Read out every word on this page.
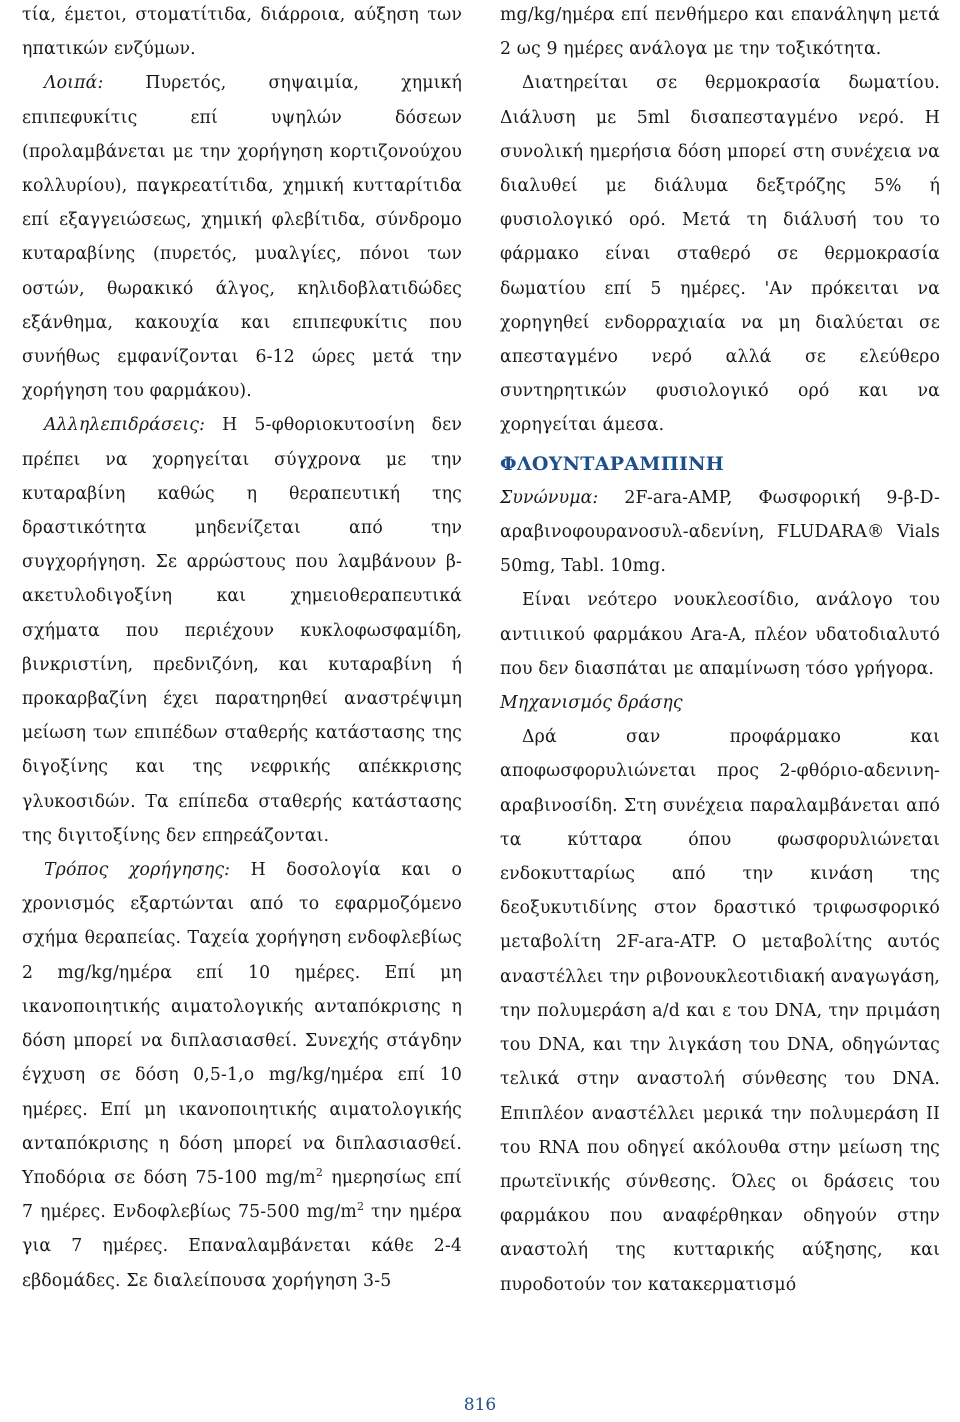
τία, έμετοι, στοματίτιδα, διάρροια, αύξηση των ηπατικών ενζύμων.

Λοιπά: Πυρετός, σηψαιμία, χημική επιπεφυκίτις επί υψηλών δόσεων (προλαμβάνεται με την χορήγηση κορτιζονούχου κολλυρίου), παγκρεατίτιδα, χημική κυτταρίτιδα επί εξαγγειώσεως, χημική φλεβίτιδα, σύνδρομο κυταραβίνης (πυρετός, μυαλγίες, πόνοι των οστών, θωρακικό άλγος, κηλιδοβλατιδώδες εξάνθημα, κακουχία και επιπεφυκίτις που συνήθως εμφανίζονται 6-12 ώρες μετά την χορήγηση του φαρμάκου).

Αλληλεπιδράσεις: Η 5-φθοριοκυτοσίνη δεν πρέπει να χορηγείται σύγχρονα με την κυταραβίνη καθώς η θεραπευτική της δραστικότητα μηδενίζεται από την συγχορήγηση. Σε αρρώστους που λαμβάνουν β-ακετυλοδιγοξίνη και χημειοθεραπευτικά σχήματα που περιέχουν κυκλοφωσφαμίδη, βινκριστίνη, πρεδνιζόνη, και κυταραβίνη ή προκαρβαζίνη έχει παρατηρηθεί αναστρέψιμη μείωση των επιπέδων σταθερής κατάστασης της διγοξίνης και της νεφρικής απέκκρισης γλυκοσιδών. Τα επίπεδα σταθερής κατάστασης της διγιτοξίνης δεν επηρεάζονται.

Τρόπος χορήγησης: Η δοσολογία και ο χρονισμός εξαρτώνται από το εφαρμοζόμενο σχήμα θεραπείας. Ταχεία χορήγηση ενδοφλεβίως 2 mg/kg/ημέρα επί 10 ημέρες. Επί μη ικανοποιητικής αιματολογικής ανταπόκρισης η δόση μπορεί να διπλασιασθεί. Συνεχής στάγδην έγχυση σε δόση 0,5-1,ο mg/kg/ημέρα επί 10 ημέρες. Επί μη ικανοποιητικής αιματολογικής ανταπόκρισης η δόση μπορεί να διπλασιασθεί. Υποδόρια σε δόση 75-100 $mg/m^2$ ημερησίως επί 7 ημέρες. Ενδοφλεβίως 75-500 $mg/m^2$ την ημέρα για 7 ημέρες. Επαναλαμβάνεται κάθε 2-4 εβδομάδες. Σε διαλείπουσα χορήγηση 3-5

mg/kg/ημέρα επί πενθήμερο και επανάληψη μετά 2 ως 9 ημέρες ανάλογα με την τοξικότητα.

Διατηρείται σε θερμοκρασία δωματίου. Διάλυση με 5ml δισαπεσταγμένο νερό. Η συνολική ημερήσια δόση μπορεί στη συνέχεια να διαλυθεί με διάλυμα δεξτρόζης 5% ή φυσιολογικό ορό. Μετά τη διάλυσή του το φάρμακο είναι σταθερό σε θερμοκρασία δωματίου επί 5 ημέρες. 'Αν πρόκειται να χορηγηθεί ενδορραχιαία να μη διαλύεται σε απεσταγμένο νερό αλλά σε ελεύθερο συντηρητικών φυσιολογικό ορό και να χορηγείται άμεσα.

ΦΛΟΥΝΤΑΡΑΜΠΙΝΗ

Συνώνυμα: 2F-ara-AMP, Φωσφορική 9-β-D-αραβινοφουρανοσυλ-αδενίνη, FLUDARA® Vials 50mg, Tabl. 10mg.

Είναι νεότερο νουκλεοσίδιο, ανάλογο του αντιιικού φαρμάκου Ara-A, πλέον υδατοδιαλυτό που δεν διασπάται με απαμίνωση τόσο γρήγορα.

Μηχανισμός δράσης

Δρά σαν προφάρμακο και αποφωσφορυλιώνεται προς 2-φθόριο-αδενινη-αραβινοσίδη. Στη συνέχεια παραλαμβάνεται από τα κύτταρα όπου φωσφορυλιώνεται ενδοκυτταρίως από την κινάση της δεοξυκυτιδίνης στον δραστικό τριφωσφορικό μεταβολίτη 2F-ara-ATP. Ο μεταβολίτης αυτός αναστέλλει την ριβονουκλεοτιδιακή αναγωγάση, την πολυμεράση a/d και ε του DNA, την πριμάση του DNA, και την λιγκάση του DNA, οδηγώντας τελικά στην αναστολή σύνθεσης του DNA. Επιπλέον αναστέλλει μερικά την πολυμεράση II του RNA που οδηγεί ακόλουθα στην μείωση της πρωτεϊνικής σύνθεσης. Όλες οι δράσεις του φαρμάκου που αναφέρθηκαν οδηγούν στην αναστολή της κυτταρικής αύξησης, και πυροδοτούν τον κατακερματισμό

816
